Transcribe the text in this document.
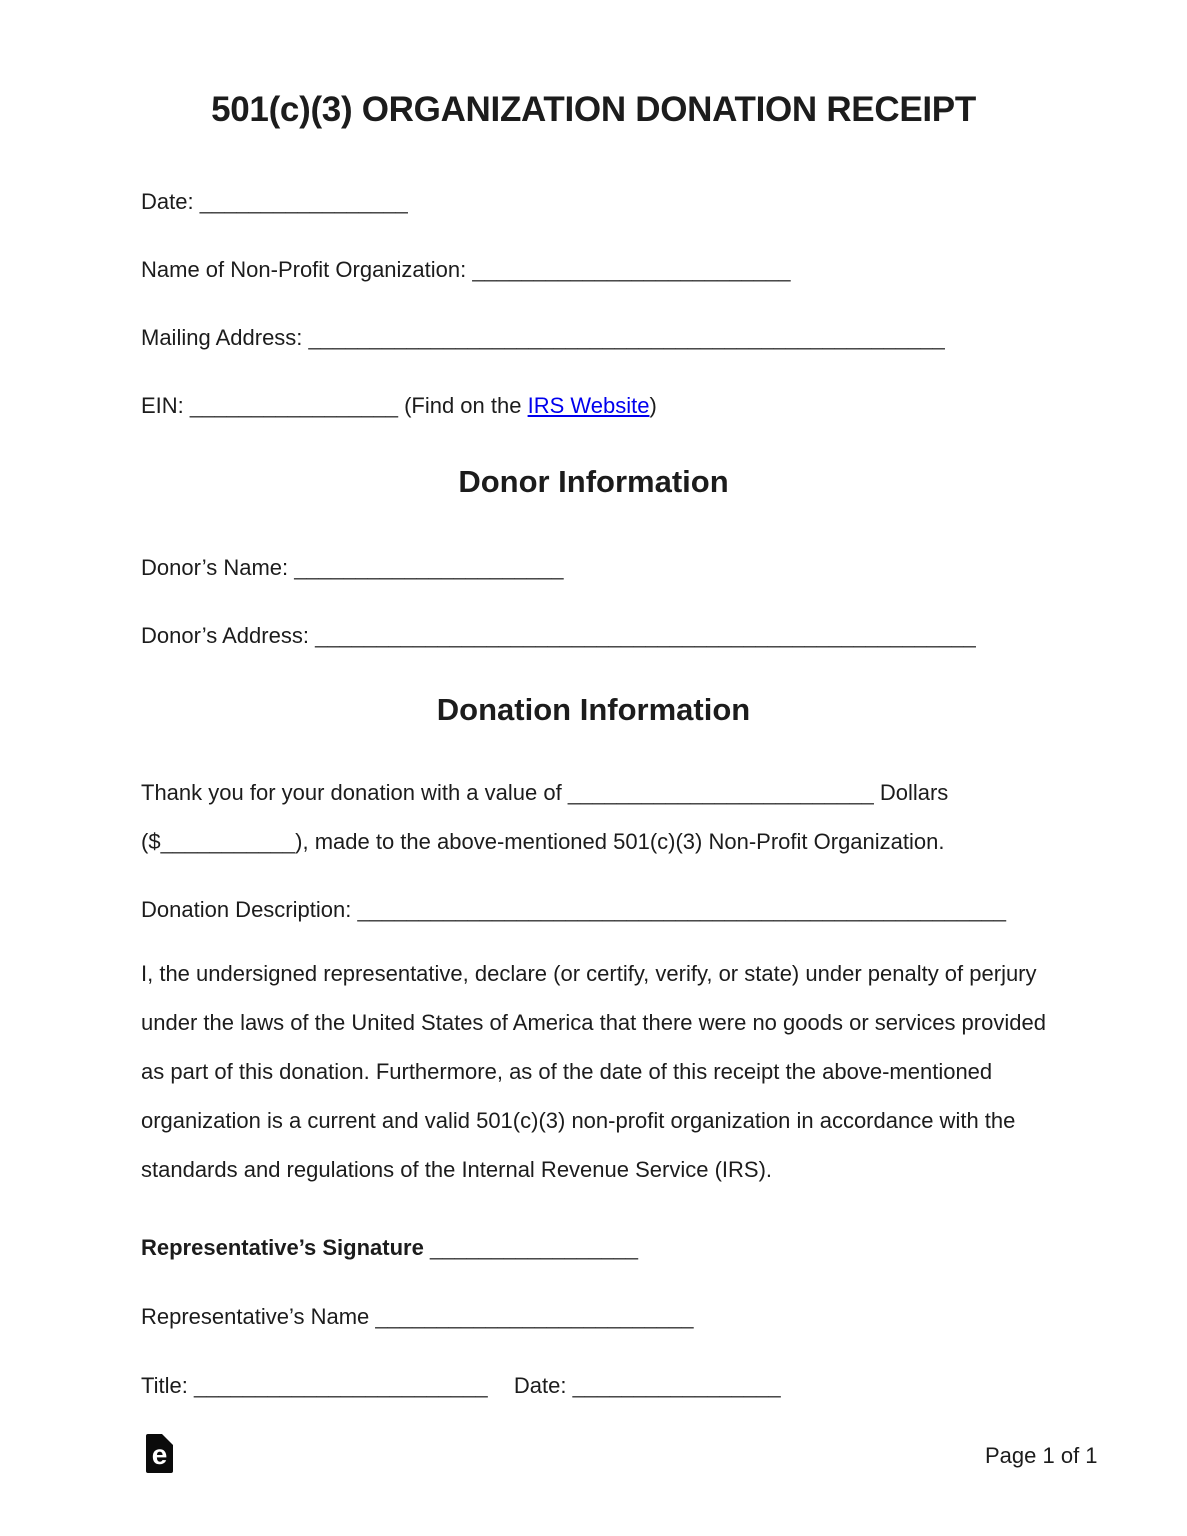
501(c)(3) ORGANIZATION DONATION RECEIPT
Date: _________________
Name of Non-Profit Organization: __________________________
Mailing Address: ____________________________________________________
EIN: _________________ (Find on the IRS Website)
Donor Information
Donor’s Name: ______________________
Donor’s Address: ______________________________________________________
Donation Information
Thank you for your donation with a value of _________________________ Dollars
($___________), made to the above-mentioned 501(c)(3) Non-Profit Organization.
Donation Description: _____________________________________________________
I, the undersigned representative, declare (or certify, verify, or state) under penalty of perjury under the laws of the United States of America that there were no goods or services provided as part of this donation. Furthermore, as of the date of this receipt the above-mentioned organization is a current and valid 501(c)(3) non-profit organization in accordance with the standards and regulations of the Internal Revenue Service (IRS).
Representative’s Signature _________________
Representative’s Name __________________________
Title: ________________________ Date: _________________
e	Page 1 of 1
